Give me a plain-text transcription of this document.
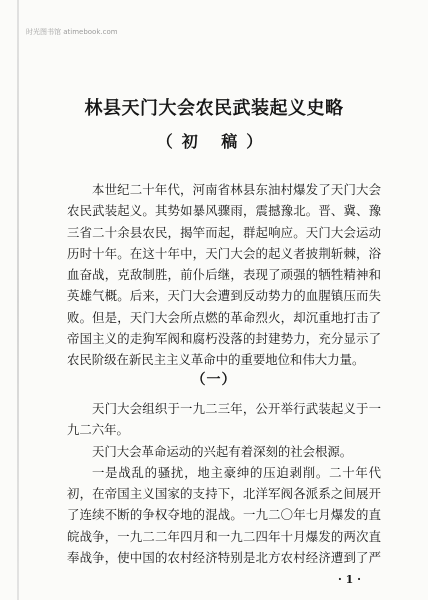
时光图书馆 atimebook.com
林县天门大会农民武装起义史略
（初 稿）
本世纪二十年代，河南省林县东油村爆发了天门大会
农民武装起义。其势如暴风骤雨，震撼豫北。晋、冀、豫
三省二十余县农民，揭竿而起，群起响应。天门大会运动
历时十年。在这十年中，天门大会的起义者披荆斩棘，浴
血奋战，克敌制胜，前仆后继，表现了顽强的牺牲精神和
英雄气概。后来，天门大会遭到反动势力的血腥镇压而失
败。但是，天门大会所点燃的革命烈火，却沉重地打击了
帝国主义的走狗军阀和腐朽没落的封建势力，充分显示了
农民阶级在新民主主义革命中的重要地位和伟大力量。
（一）
天门大会组织于一九二三年，公开举行武装起义于一
九二六年。
天门大会革命运动的兴起有着深刻的社会根源。
一是战乱的骚扰，地主豪绅的压迫剥削。二十年代
初，在帝国主义国家的支持下，北洋军阀各派系之间展开
了连续不断的争权夺地的混战。一九二〇年七月爆发的直
皖战争，一九二二年四月和一九二四年十月爆发的两次直
奉战争，使中国的农村经济特别是北方农村经济遭到了严
· 1 ·
